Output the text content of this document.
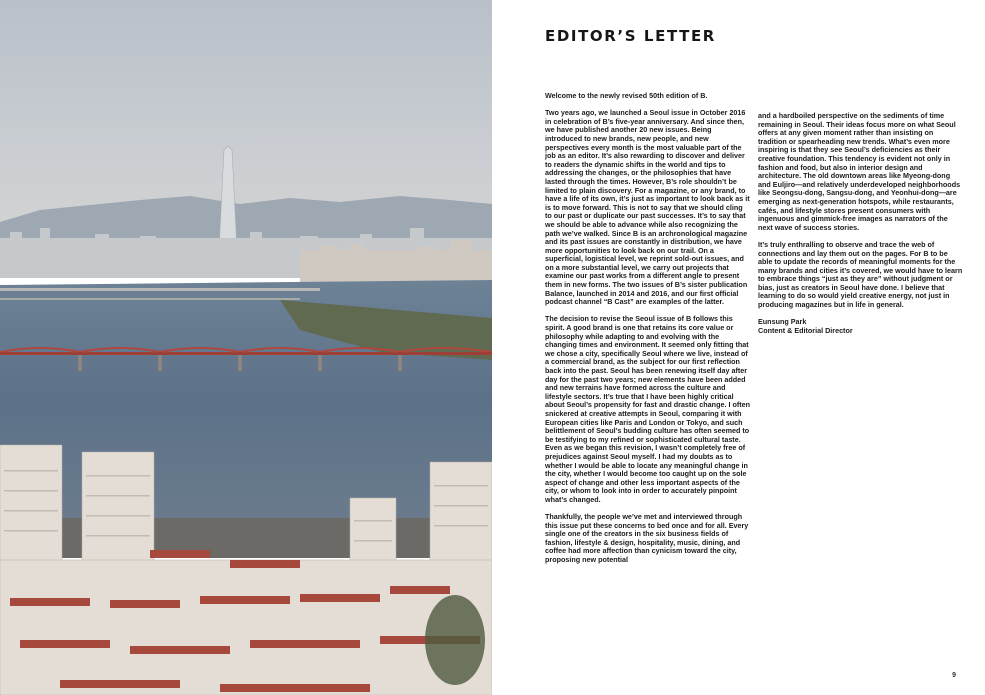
EDITOR’S LETTER

Welcome to the newly revised 50th edition of B.

Two years ago, we launched a Seoul issue in October 2016 in celebration of B’s five-year anniversary. And since then, we have published another 20 new issues. Being introduced to new brands, new people, and new perspectives every month is the most valuable part of the job as an editor. It’s also rewarding to discover and deliver to readers the dynamic shifts in the world and tips to addressing the changes, or the philosophies that have lasted through the times. However, B’s role shouldn’t be limited to plain discovery. For a magazine, or any brand, to have a life of its own, it’s just as important to look back as it is to move forward. This is not to say that we should cling to our past or duplicate our past successes. It’s to say that we should be able to advance while also recognizing the path we’ve walked. Since B is an archronological magazine and its past issues are constantly in distribution, we have more opportunities to look back on our trail. On a superficial, logistical level, we reprint sold-out issues, and on a more substantial level, we carry out projects that examine our past works from a different angle to present them in new forms. The two issues of B’s sister publication Balance, launched in 2014 and 2016, and our first official podcast channel “B Cast” are examples of the latter.

The decision to revise the Seoul issue of B follows this spirit. A good brand is one that retains its core value or philosophy while adapting to and evolving with the changing times and environment. It seemed only fitting that we chose a city, specifically Seoul where we live, instead of a commercial brand, as the subject for our first reflection back into the past. Seoul has been renewing itself day after day for the past two years; new elements have been added and new terrains have formed across the culture and lifestyle sectors. It’s true that I have been highly critical about Seoul’s propensity for fast and drastic change. I often snickered at creative attempts in Seoul, comparing it with European cities like Paris and London or Tokyo, and such belittlement of Seoul’s budding culture has often seemed to be testifying to my refined or sophisticated cultural taste. Even as we began this revision, I wasn’t completely free of prejudices against Seoul myself. I had my doubts as to whether I would be able to locate any meaningful change in the city, whether I would become too caught up on the sole aspect of change and other less important aspects of the city, or whom to look into in order to accurately pinpoint what’s changed.

Thankfully, the people we’ve met and interviewed through this issue put these concerns to bed once and for all. Every single one of the creators in the six business fields of fashion, lifestyle & design, hospitality, music, dining, and coffee had more affection than cynicism toward the city, proposing new potential

and a hardboiled perspective on the sediments of time remaining in Seoul. Their ideas focus more on what Seoul offers at any given moment rather than insisting on tradition or spearheading new trends. What’s even more inspiring is that they see Seoul’s deficiencies as their creative foundation. This tendency is evident not only in fashion and food, but also in interior design and architecture. The old downtown areas like Myeong-dong and Euljiro—and relatively underdeveloped neighborhoods like Seongsu-dong, Sangsu-dong, and Yeonhui-dong—are emerging as next-generation hotspots, while restaurants, cafés, and lifestyle stores present consumers with ingenuous and gimmick-free images as narrators of the next wave of success stories.

It’s truly enthralling to observe and trace the web of connections and lay them out on the pages. For B to be able to update the records of meaningful moments for the many brands and cities it’s covered, we would have to learn to embrace things “just as they are” without judgment or bias, just as creators in Seoul have done. I believe that learning to do so would yield creative energy, not just in producing magazines but in life in general.

Eunsung Park
Content & Editorial Director
9
